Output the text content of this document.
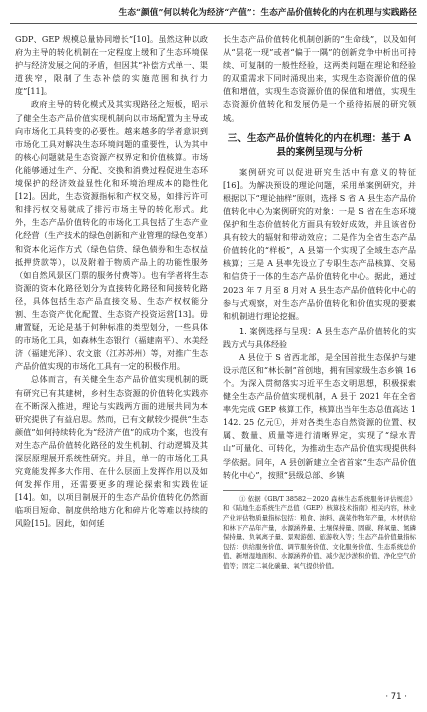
生态“颜值”何以转化为经济“产值”：生态产品价值转化的内在机理与实践路径

GDP、GEP 规模总量协同增长”[10]。虽然这种以政府为主导的转化机制在一定程度上缓和了生态环境保护与经济发展之间的矛盾，但因其“补偿方式单一、渠道狭窄，限制了生态补偿的实施范围和执行力度”[11]。

政府主导的转化模式及其实现路径之短板，昭示了健全生态产品价值实现机制向以市场配置为主导或向市场化工具转变的必要性。越来越多的学者意识到市场化工具对解决生态环境问题的重要性，认为其中的核心问题就是生态资源产权界定和价值核算。市场化能够通过生产、分配、交换和消费过程促进生态环境保护的经济效益显性化和环境治理成本的隐性化[12]。因此，生态资源指标和产权交易，如排污许可和排污权交易就成了排污市场主导的转化形式。此外，生态产品价值转化的市场化工具包括了生态产业化经营（生产技术的绿色创新和产业管理的绿色变革）和资本化运作方式（绿色信贷、绿色债券和生态权益抵押贷款等），以及附着于物质产品上的功能性服务（如自然风景区门票的服务付费等）。也有学者将生态资源的资本化路径划分为直接转化路径和间接转化路径，具体包括生态产品直接交易、生态产权权能分割、生态资产优化配置、生态资产投资运营[13]。毋庸置疑，无论是基于何种标准的类型划分，一些具体的市场化工具，如森林生态银行（福建南平）、水美经济（福建光泽）、农文旅（江苏苏州）等，对推广生态产品价值实现的市场化工具有一定的积极作用。

总体而言，有关健全生态产品价值实现机制的既有研究已有其建树，乡村生态资源的价值转化实践亦在不断深入推进，理论与实践两方面的进展共同为本研究提供了有益启思。然而，已有文献较少提供“生态颜值”如何持续转化为“经济产值”的成功个案，也没有对生态产品价值转化路径的发生机制、行动逻辑及其深层原理展开系统性研究。并且，单一的市场化工具究竟能发挥多大作用、在什么层面上发挥作用以及如何发挥作用，还需要更多的理论探索和实践佐证[14]。如，以项目制展开的生态产品价值转化仍然面临项目短命、制度供给地方化和碎片化等难以持续的风险[15]。因此，如何延

长生态产品价值转化机制创新的“生命线”，以及如何从“昙花一现”或者“偏于一隅”的创新竞争中析出可持续、可复制的一般性经验，这两类问题在理论和经验的双重需求下同时涌现出来，实现生态资源价值的保值和增值，实现生态资源价值的保值和增值，实现生态资源价值转化和发展仍是一个亟待拓展的研究领域。

三、生态产品价值转化的内在机理：基于 A 县的案例呈现与分析

案例研究可以促进研究生活中有意义的特征[16]。为解决预设的理论问题，采用单案例研究，并根据以下“理论抽样”原则，选择 S 省 A 县生态产品价值转化中心为案例研究的对象：一是 S 省在生态环境保护和生态价值转化方面具有较好成效，并且该省份具有较大的辐射和带动效应；二是作为全省生态产品价值转化的“样板”，A 县第一个实现了全域生态产品核算；三是 A 县率先设立了专职生态产品核算、交易和信贷于一体的生态产品价值转化中心。据此，通过 2023 年 7 月至 8 月对 A 县生态产品价值转化中心的参与式观察，对生态产品价值转化和价值实现的要素和机制进行理论挖掘。

1. 案例选择与呈现：A 县生态产品价值转化的实践方式与具体经验

A 县位于 S 省西北部，是全国首批生态保护与建设示范区和“林长制”首创地，拥有国家级生态乡镇 16 个。为深入贯彻落实习近平生态文明思想，积极探索健全生态产品价值实现机制，A 县于 2021 年在全省率先完成 GEP 核算工作，核算出当年生态总值高达 1 142. 25 亿元①，并对各类生态自然资源的位置、权属、数量、质量等进行清晰界定，实现了“绿水青山”可量化、可转化，为推动生态产品价值实现提供科学依据。同年，A 县创新建立全省首家“生态产品价值转化中心”，按照“县级总部、乡镇

① 依据《GB/T 38582－2020 森林生态系统服务评估规范》和《陆地生态系统生产总值（GEP）核算技术指南》相关内容，林业产业评估物质量指标包括：粮食、油料、蔬菜作物年产量，木材供给和林下产品年产量，水源涵养量、土壤保持量、固碳、释氧量、氮磷保持量、负氧离子量、景观游憩、旅游收入等；生态产品价值量指标包括：供给服务价值、调节服务价值、文化服务价值、生态系统总价值、新增湿地面积、水源涵养价值、减少泥沙淤积价值、净化空气价值等；固定二氧化碳量、氧气提供价值。

· 71 ·
